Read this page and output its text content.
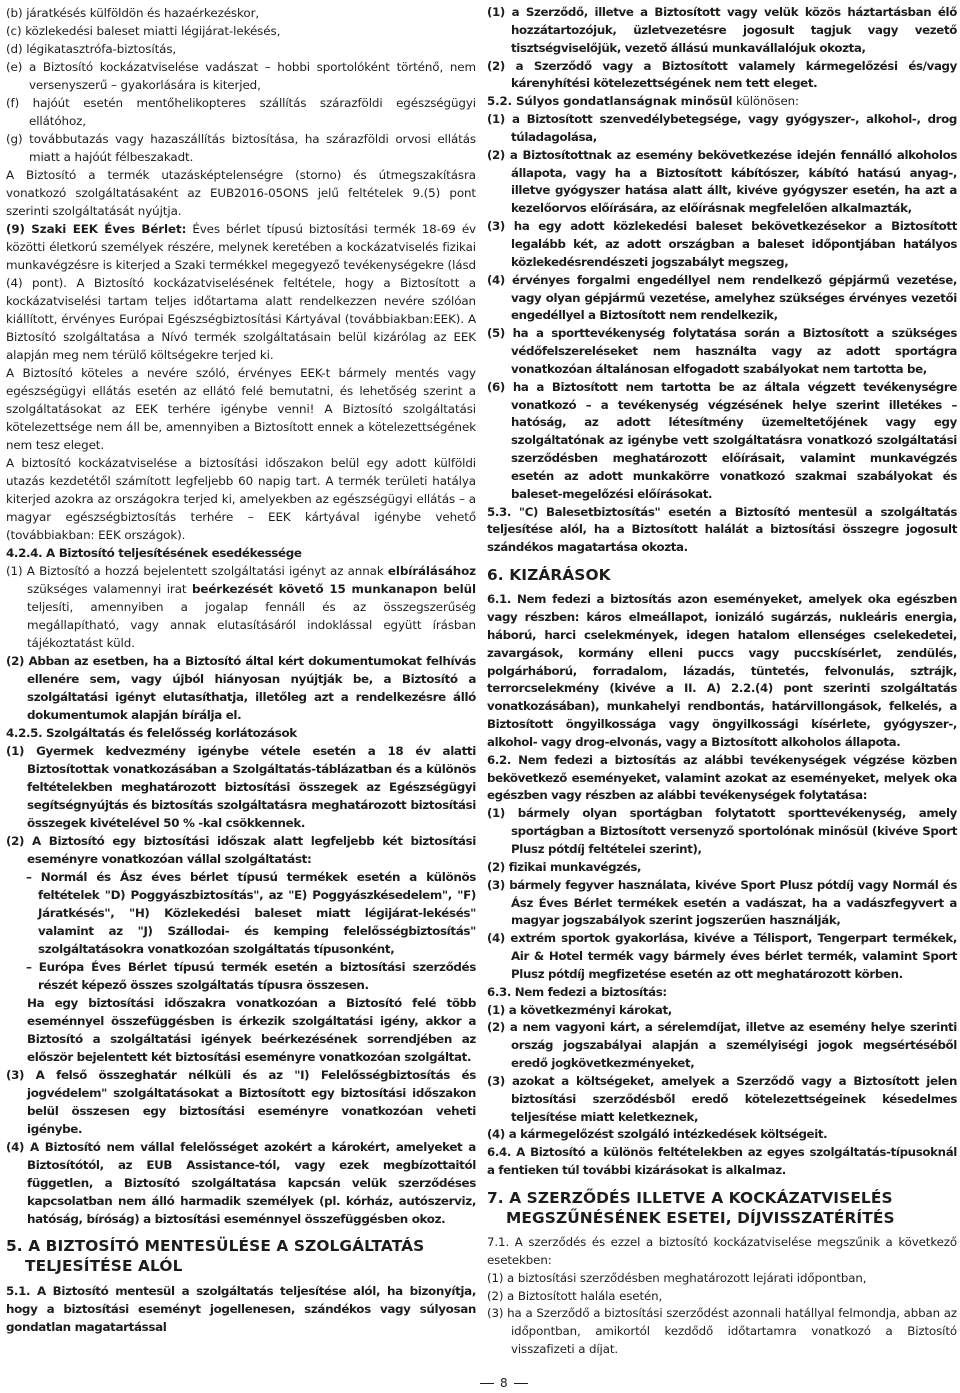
(b) járatkésés külföldön és hazaérkezéskor,

(c) közlekedési baleset miatti légijárat-lekésés,

(d) légikatasztrófa-biztosítás,

(e) a Biztosító kockázatviselése vadászat – hobbi sportolóként történő, nem versenyszerű – gyakorlására is kiterjed,

(f) hajóút esetén mentőhelikopteres szállítás szárazföldi egészségügyi ellátóhoz,

(g) továbbutazás vagy hazaszállítás biztosítása, ha szárazföldi orvosi ellátás miatt a hajóút félbeszakadt.

A Biztosító a termék utazásképtelenségre (storno) és útmegszakításra vonatkozó szolgáltatásaként az EUB2016-05ONS jelű feltételek 9.(5) pont szerinti szolgáltatását nyújtja.

(9) Szaki EEK Éves Bérlet: Éves bérlet típusú biztosítási termék 18-69 év közötti életkorú személyek részére, melynek keretében a kockázatviselés fizikai munkavégzésre is kiterjed a Szaki termékkel megegyező tevékenységekre (lásd (4) pont). A Biztosító kockázatviselésének feltétele, hogy a Biztosított a kockázatviselési tartam teljes időtartama alatt rendelkezzen nevére szólóan kiállított, érvényes Európai Egészségbiztosítási Kártyával (továbbiakban:EEK). A Biztosító szolgáltatása a Nívó termék szolgáltatásain belül kizárólag az EEK alapján meg nem térülő költségekre terjed ki.

A Biztosító köteles a nevére szóló, érvényes EEK-t bármely mentés vagy egészségügyi ellátás esetén az ellátó felé bemutatni, és lehetőség szerint a szolgáltatásokat az EEK terhére igénybe venni! A Biztosító szolgáltatási kötelezettsége nem áll be, amennyiben a Biztosított ennek a kötelezettségének nem tesz eleget.

A biztosító kockázatviselése a biztosítási időszakon belül egy adott külföldi utazás kezdetétől számított legfeljebb 60 napig tart. A termék területi hatálya kiterjed azokra az országokra terjed ki, amelyekben az egészségügyi ellátás – a magyar egészségbiztosítás terhére – EEK kártyával igénybe vehető (továbbiakban: EEK országok).

4.2.4. A Biztosító teljesítésének esedékessége

(1) A Biztosító a hozzá bejelentett szolgáltatási igényt az annak elbírálásához szükséges valamennyi irat beérkezését követő 15 munkanapon belül teljesíti, amennyiben a jogalap fennáll és az összegszerűség megállapítható, vagy annak elutasításáról indoklással együtt írásban tájékoztatást küld.

(2) Abban az esetben, ha a Biztosító által kért dokumentumokat felhívás ellenére sem, vagy újból hiányosan nyújtják be, a Biztosító a szolgáltatási igényt elutasíthatja, illetőleg azt a rendelkezésre álló dokumentumok alapján bírálja el.

4.2.5. Szolgáltatás és felelősség korlátozások

(1) Gyermek kedvezmény igénybe vétele esetén a 18 év alatti Biztosítottak vonatkozásában a Szolgáltatás-táblázatban és a különös feltételekben meghatározott biztosítási összegek az Egészségügyi segítségnyújtás és biztosítás szolgáltatásra meghatározott biztosítási összegek kivételével 50 % -kal csökkennek.

(2) A Biztosító egy biztosítási időszak alatt legfeljebb két biztosítási eseményre vonatkozóan vállal szolgáltatást:

– Normál és Ász éves bérlet típusú termékek esetén a különös feltételek "D) Poggyászbiztosítás", az "E) Poggyászkésedelem", "F) Járatkésés", "H) Közlekedési baleset miatt légijárat-lekésés" valamint az "J) Szállodai- és kemping felelősségbiztosítás" szolgáltatásokra vonatkozóan szolgáltatás típusonként,

– Európa Éves Bérlet típusú termék esetén a biztosítási szerződés részét képező összes szolgáltatás típusra összesen.

Ha egy biztosítási időszakra vonatkozóan a Biztosító felé több eseménnyel összefüggésben is érkezik szolgáltatási igény, akkor a Biztosító a szolgáltatási igények beérkezésének sorrendjében az először bejelentett két biztosítási eseményre vonatkozóan szolgáltat.

(3) A felső összeghatár nélküli és az "I) Felelősségbiztosítás és jogvédelem" szolgáltatásokat a Biztosított egy biztosítási időszakon belül összesen egy biztosítási eseményre vonatkozóan veheti igénybe.

(4) A Biztosító nem vállal felelősséget azokért a károkért, amelyeket a Biztosítótól, az EUB Assistance-tól, vagy ezek megbízottaitól független, a Biztosító szolgáltatása kapcsán velük szerződéses kapcsolatban nem álló harmadik személyek (pl. kórház, autószerviz, hatóság, bíróság) a biztosítási eseménnyel összefüggésben okoz.

5. A BIZTOSÍTÓ MENTESÜLÉSE A SZOLGÁLTATÁS TELJESÍTÉSE ALÓL

5.1. A Biztosító mentesül a szolgáltatás teljesítése alól, ha bizonyítja, hogy a biztosítási eseményt jogellenesen, szándékos vagy súlyosan gondatlan magatartással

(1) a Szerződő, illetve a Biztosított vagy velük közös háztartásban élő hozzátartozójuk, üzletvezetésre jogosult tagjuk vagy vezető tisztségviselőjük, vezető állású munkavállalójuk okozta,

(2) a Szerződő vagy a Biztosított valamely kármegelőzési és/vagy kárenyhítési kötelezettségének nem tett eleget.

5.2. Súlyos gondatlanságnak minősül különösen:

(1) a Biztosított szenvedélybetegsége, vagy gyógyszer-, alkohol-, drog túladagolása,

(2) a Biztosítottnak az esemény bekövetkezése idején fennálló alkoholos állapota, vagy ha a Biztosított kábítószer, kábító hatású anyag-, illetve gyógyszer hatása alatt állt, kivéve gyógyszer esetén, ha azt a kezelőorvos előírására, az előírásnak megfelelően alkalmazták,

(3) ha egy adott közlekedési baleset bekövetkezésekor a Biztosított legalább két, az adott országban a baleset időpontjában hatályos közlekedésrendészeti jogszabályt megszeg,

(4) érvényes forgalmi engedéllyel nem rendelkező gépjármű vezetése, vagy olyan gépjármű vezetése, amelyhez szükséges érvényes vezetői engedéllyel a Biztosított nem rendelkezik,

(5) ha a sporttevékenység folytatása során a Biztosított a szükséges védőfelszereléseket nem használta vagy az adott sportágra vonatkozóan általánosan elfogadott szabályokat nem tartotta be,

(6) ha a Biztosított nem tartotta be az általa végzett tevékenységre vonatkozó – a tevékenység végzésének helye szerint illetékes – hatóság, az adott létesítmény üzemeltetőjének vagy egy szolgáltatónak az igénybe vett szolgáltatásra vonatkozó szolgáltatási szerződésben meghatározott előírásait, valamint munkavégzés esetén az adott munkakörre vonatkozó szakmai szabályokat és baleset-megelőzési előírásokat.

5.3. "C) Balesetbiztosítás" esetén a Biztosító mentesül a szolgáltatás teljesítése alól, ha a Biztosított halálát a biztosítási összegre jogosult szándékos magatartása okozta.

6. KIZÁRÁSOK

6.1. Nem fedezi a biztosítás azon eseményeket, amelyek oka egészben vagy részben: káros elmeállapot, ionizáló sugárzás, nukleáris energia, háború, harci cselekmények, idegen hatalom ellenséges cselekedetei, zavargások, kormány elleni puccs vagy puccskísérlet, zendülés, polgárháború, forradalom, lázadás, tüntetés, felvonulás, sztrájk, terrorcselekmény (kivéve a II. A) 2.2.(4) pont szerinti szolgáltatás vonatkozásában), munkahelyi rendbontás, határvillongások, felkelés, a Biztosított öngyilkossága vagy öngyilkossági kísérlete, gyógyszer-, alkohol- vagy drog-elvonás, vagy a Biztosított alkoholos állapota.

6.2. Nem fedezi a biztosítás az alábbi tevékenységek végzése közben bekövetkező eseményeket, valamint azokat az eseményeket, melyek oka egészben vagy részben az alábbi tevékenységek folytatása:

(1) bármely olyan sportágban folytatott sporttevékenység, amely sportágban a Biztosított versenyző sportolónak minősül (kivéve Sport Plusz pótdíj feltételei szerint),

(2) fizikai munkavégzés,

(3) bármely fegyver használata, kivéve Sport Plusz pótdíj vagy Normál és Ász Éves Bérlet termékek esetén a vadászat, ha a vadászfegyvert a magyar jogszabályok szerint jogszerűen használják,

(4) extrém sportok gyakorlása, kivéve a Télisport, Tengerpart termékek, Air & Hotel termék vagy bármely éves bérlet termék, valamint Sport Plusz pótdíj megfizetése esetén az ott meghatározott körben.

6.3. Nem fedezi a biztosítás:

(1) a következményi károkat,

(2) a nem vagyoni kárt, a sérelemdíjat, illetve az esemény helye szerinti ország jogszabályai alapján a személyiségi jogok megsértéséből eredő jogkövetkezményeket,

(3) azokat a költségeket, amelyek a Szerződő vagy a Biztosított jelen biztosítási szerződésből eredő kötelezettségeinek késedelmes teljesítése miatt keletkeznek,

(4) a kármegelőzést szolgáló intézkedések költségeit.

6.4. A Biztosító a különös feltételekben az egyes szolgáltatás-típusoknál a fentieken túl további kizárásokat is alkalmaz.

7. A SZERZŐDÉS ILLETVE A KOCKÁZATVISELÉS MEGSZŰNÉSÉNEK ESETEI, DÍJVISSZATÉRÍTÉS

7.1. A szerződés és ezzel a biztosító kockázatviselése megszűnik a következő esetekben:

(1) a biztosítási szerződésben meghatározott lejárati időpontban,

(2) a Biztosított halála esetén,

(3) ha a Szerződő a biztosítási szerződést azonnali hatállyal felmondja, abban az időpontban, amikortól kezdődő időtartamra vonatkozó a Biztosító visszafizeti a díjat.

8
